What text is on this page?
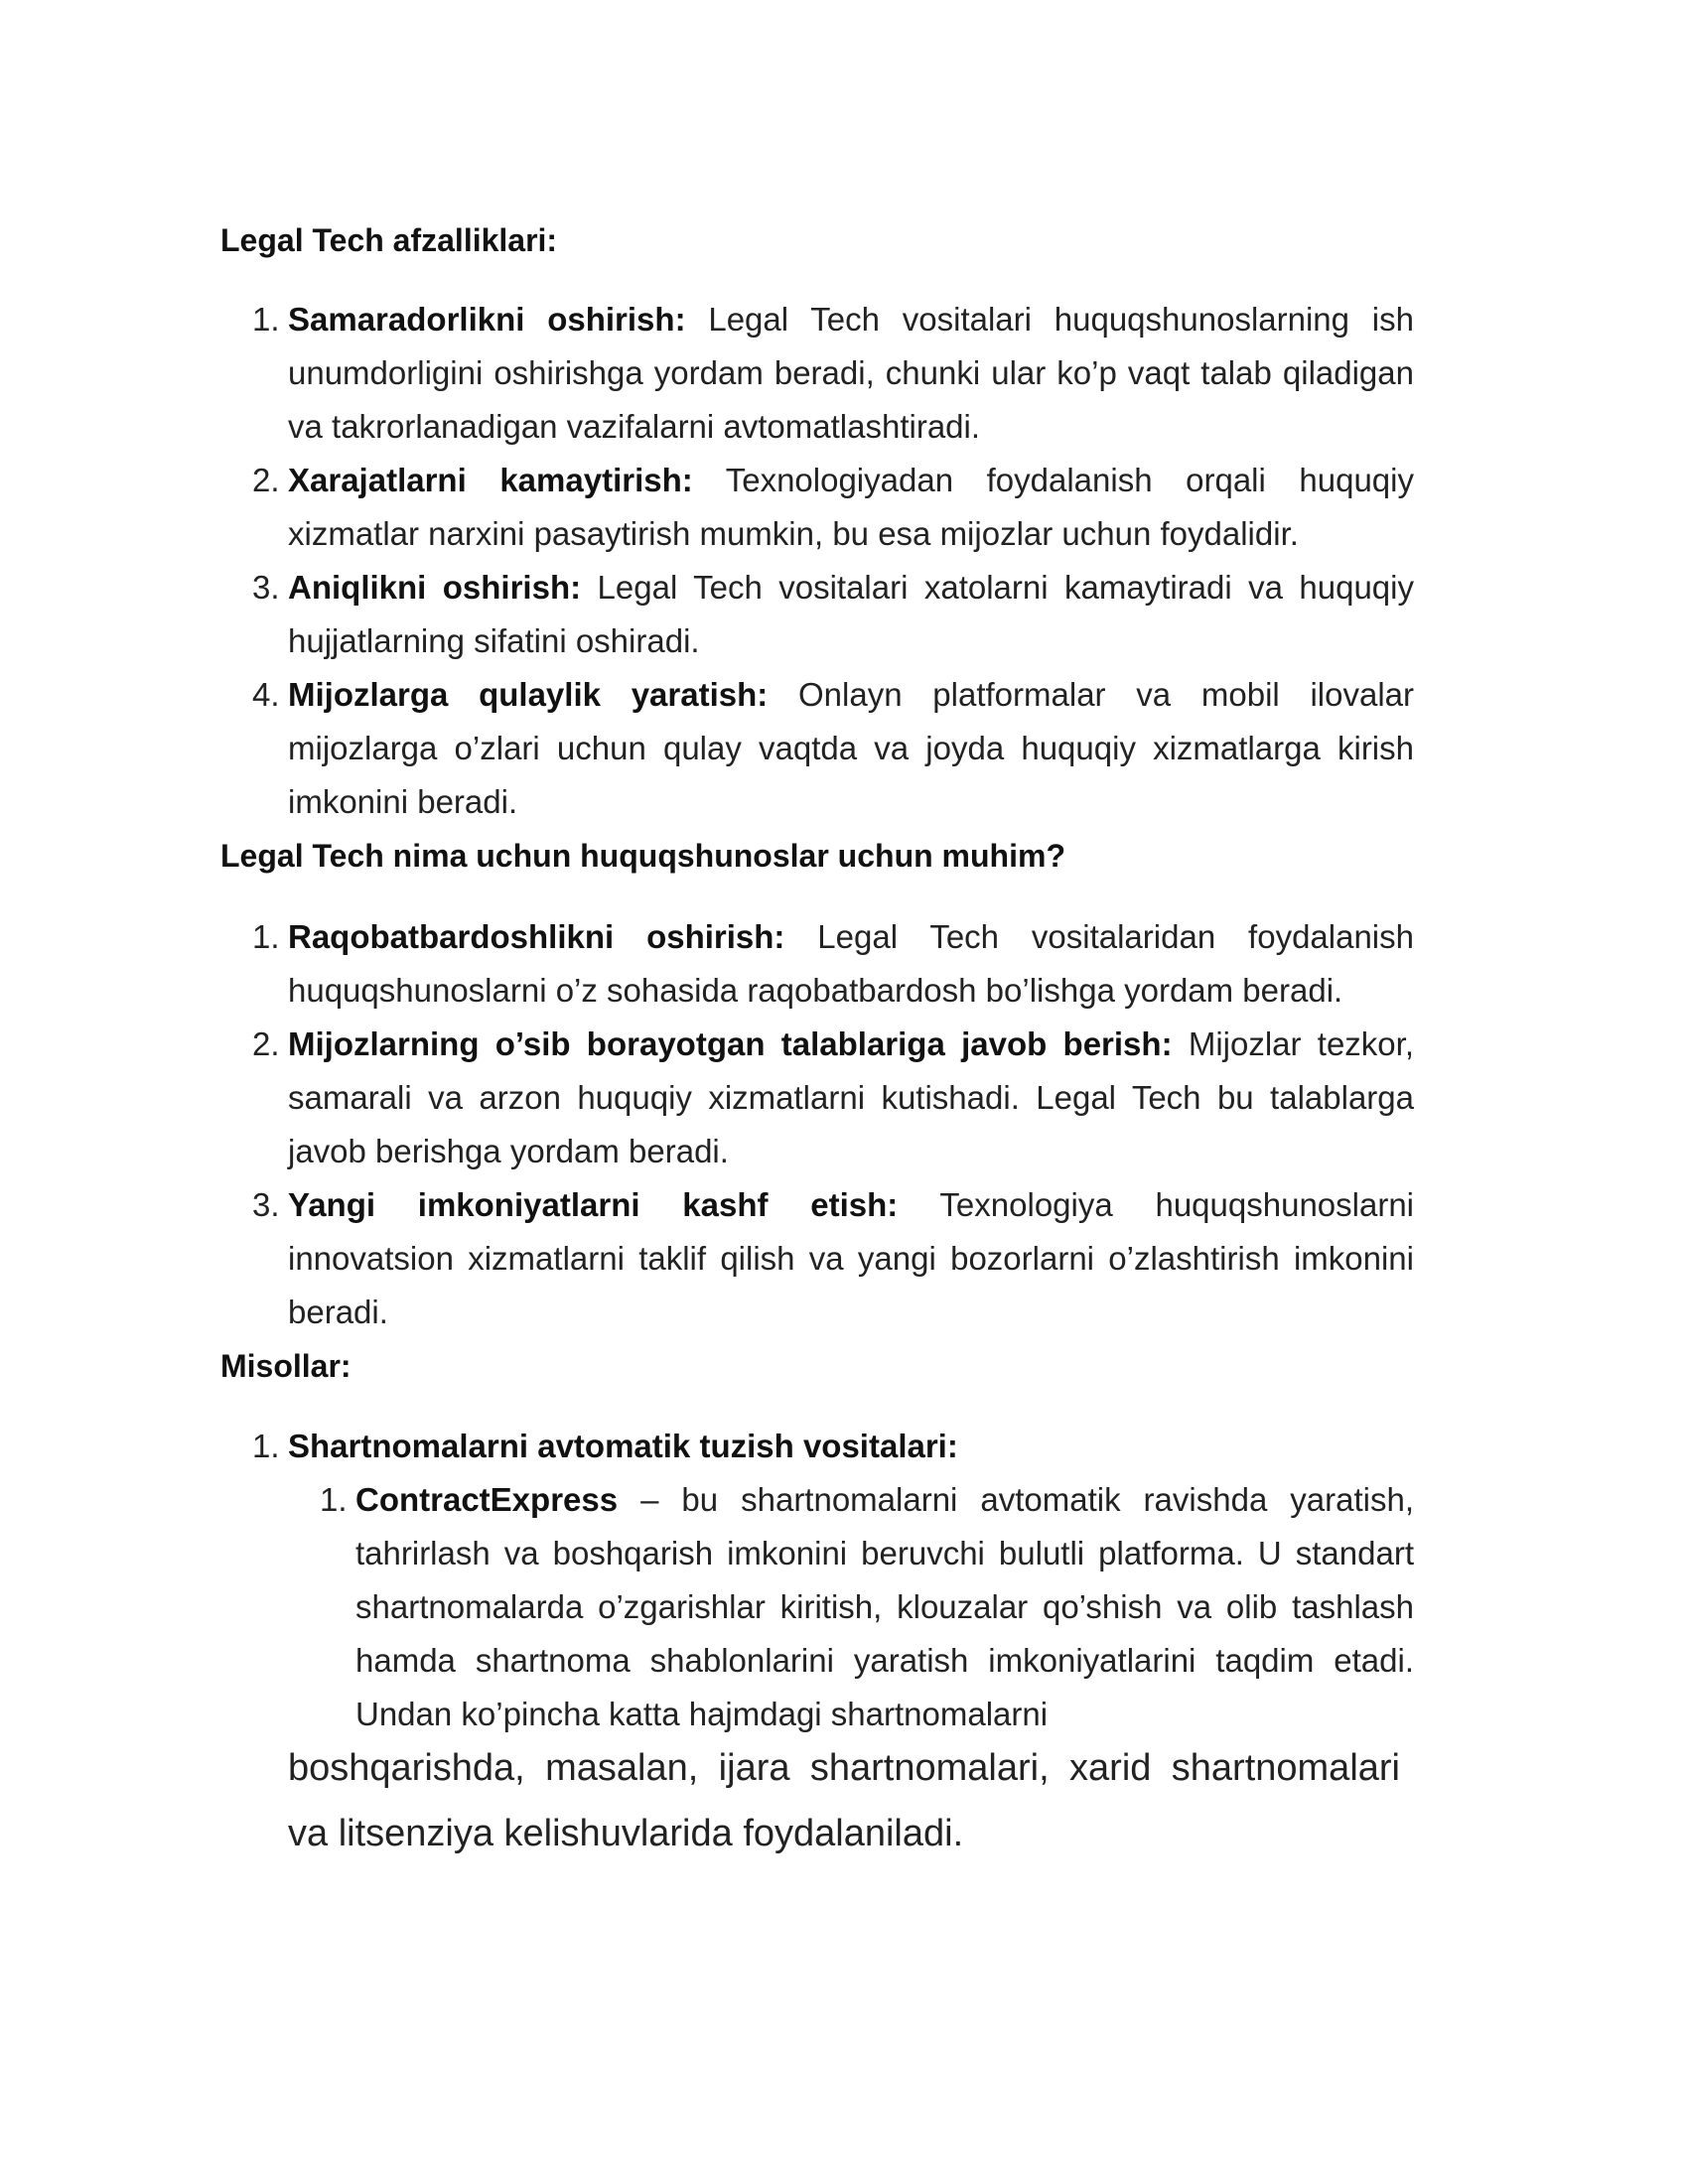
Legal Tech afzalliklari:
1. Samaradorlikni oshirish: Legal Tech vositalari huquqshunoslarning ish unumdorligini oshirishga yordam beradi, chunki ular ko’p vaqt talab qiladigan va takrorlanadigan vazifalarni avtomatlashtiradi.
2. Xarajatlarni kamaytirish: Texnologiyadan foydalanish orqali huquqiy xizmatlar narxini pasaytirish mumkin, bu esa mijozlar uchun foydalidir.
3. Aniqlikni oshirish: Legal Tech vositalari xatolarni kamaytiradi va huquqiy hujjatlarning sifatini oshiradi.
4. Mijozlarga qulaylik yaratish: Onlayn platformalar va mobil ilovalar mijozlarga o’zlari uchun qulay vaqtda va joyda huquqiy xizmatlarga kirish imkonini beradi.
Legal Tech nima uchun huquqshunoslar uchun muhim?
1. Raqobatbardoshlikni oshirish: Legal Tech vositalaridan foydalanish huquqshunoslarni o’z sohasida raqobatbardosh bo’lishga yordam beradi.
2. Mijozlarning o’sib borayotgan talablariga javob berish: Mijozlar tezkor, samarali va arzon huquqiy xizmatlarni kutishadi. Legal Tech bu talablarga javob berishga yordam beradi.
3. Yangi imkoniyatlarni kashf etish: Texnologiya huquqshunoslarni innovatsion xizmatlarni taklif qilish va yangi bozorlarni o’zlashtirish imkonini beradi.
Misollar:
1. Shartnomalarni avtomatik tuzish vositalari:
1. ContractExpress – bu shartnomalarni avtomatik ravishda yaratish, tahrirlash va boshqarish imkonini beruvchi bulutli platforma. U standart shartnomalarda o’zgarishlar kiritish, klouzalar qo’shish va olib tashlash hamda shartnoma shablonlarini yaratish imkoniyatlarini taqdim etadi. Undan ko’pincha katta hajmdagi shartnomalarni
boshqarishda, masalan, ijara shartnomalari, xarid shartnomalari va litsenziya kelishuvlarida foydalaniladi.
